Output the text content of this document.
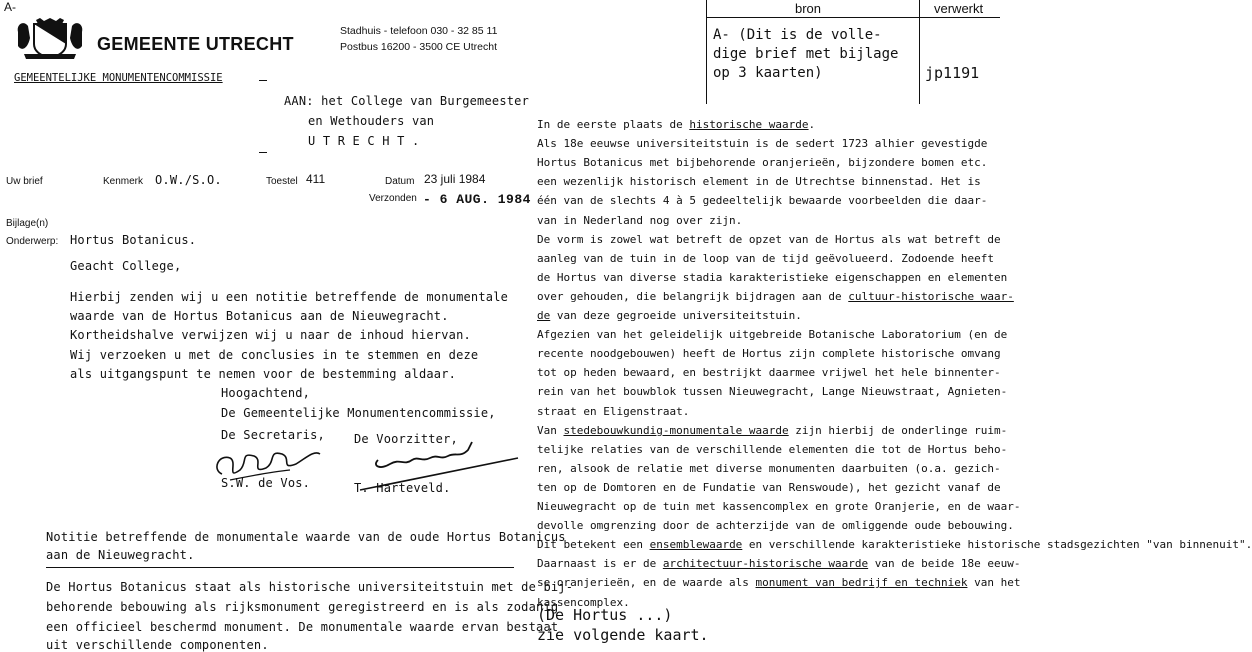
A-
GEMEENTE UTRECHT
Stadhuis - telefoon 030 - 32 85 11
Postbus 16200 - 3500 CE Utrecht
GEMEENTELIJKE MONUMENTENCOMMISSIE
AAN: het College van Burgemeester
en Wethouders van
U T R E C H T .
Uw brief	Kenmerk O.W./S.O.	Toestel 411	Datum 23 juli 1984
Verzonden - 6 AUG. 1984
Bijlage(n)
Onderwerp: Hortus Botanicus.
Geacht College,
Hierbij zenden wij u een notitie betreffende de monumentale
waarde van de Hortus Botanicus aan de Nieuwegracht.
Kortheidshalve verwijzen wij u naar de inhoud hiervan.
Wij verzoeken u met de conclusies in te stemmen en deze
als uitgangspunt te nemen voor de bestemming aldaar.
Hoogachtend,
De Gemeentelijke Monumentencommissie,
De Secretaris, De Voorzitter,
S.W. de Vos.	T. Harteveld.
Notitie betreffende de monumentale waarde van de oude Hortus Botanicus
aan de Nieuwegracht.
De Hortus Botanicus staat als historische universiteitstuin met de bij-
behorende bebouwing als rijksmonument geregistreerd en is als zodanig
een officieel beschermd monument. De monumentale waarde ervan bestaat
uit verschillende componenten.
bron	verwerkt
A- (Dit is de volle-
dige brief met bijlage
op 3 kaarten)	jp1191
In de eerste plaats de historische waarde.
Als 18e eeuwse universiteitstuin is de sedert 1723 alhier gevestigde
Hortus Botanicus met bijbehorende oranjerieën, bijzondere bomen etc.
een wezenlijk historisch element in de Utrechtse binnenstad. Het is
één van de slechts 4 à 5 gedeeltelijk bewaarde voorbeelden die daar-
van in Nederland nog over zijn.
De vorm is zowel wat betreft de opzet van de Hortus als wat betreft de
aanleg van de tuin in de loop van de tijd geëvolueerd. Zodoende heeft
de Hortus van diverse stadia karakteristieke eigenschappen en elementen
over gehouden, die belangrijk bijdragen aan de cultuur-historische waar-
de van deze gegroeide universiteitstuin.
Afgezien van het geleidelijk uitgebreide Botanische Laboratorium (en de
recente noodgebouwen) heeft de Hortus zijn complete historische omvang
tot op heden bewaard, en bestrijkt daarmee vrijwel het hele binnenter-
rein van het bouwblok tussen Nieuwegracht, Lange Nieuwstraat, Agnieten-
straat en Eligenstraat.
Van stedebouwkundig-monumentale waarde zijn hierbij de onderlinge ruim-
telijke relaties van de verschillende elementen die tot de Hortus beho-
ren, alsook de relatie met diverse monumenten daarbuiten (o.a. gezich-
ten op de Domtoren en de Fundatie van Renswoude), het gezicht vanaf de
Nieuwegracht op de tuin met kassencomplex en grote Oranjerie, en de waar-
devolle omgrenzing door de achterzijde van de omliggende oude bebouwing.
Dit betekent een ensemblewaarde en verschillende karakteristieke historische stadsgezichten "van binnenuit".
Daarnaast is er de architectuur-historische waarde van de beide 18e eeuw-
se oranjerieën, en de waarde als monument van bedrijf en techniek van het
kassencomplex.
(De Hortus ...)
zie volgende kaart.
